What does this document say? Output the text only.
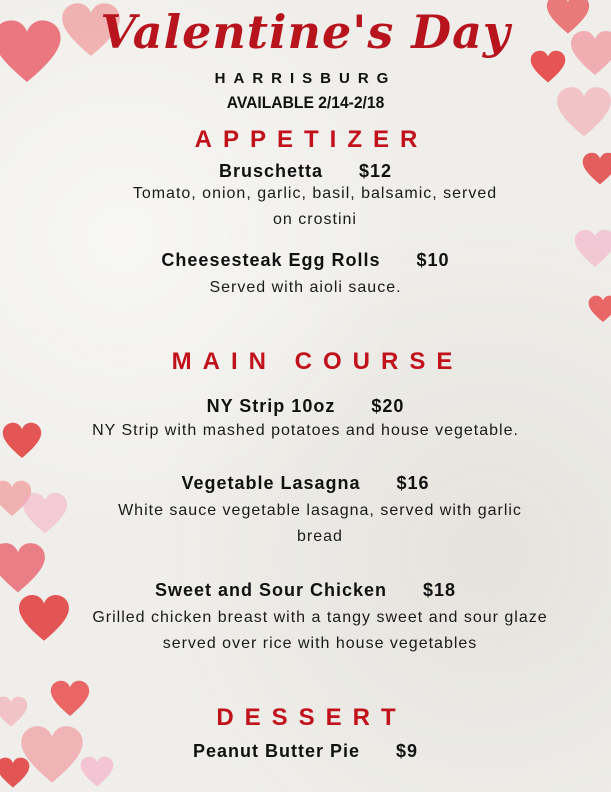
Valentine's Day
HARRISBURG
AVAILABLE 2/14-2/18
APPETIZER
Bruschetta $12
Tomato, onion, garlic, basil, balsamic, served on crostini
Cheesesteak Egg Rolls $10
Served with aioli sauce.
MAIN COURSE
NY Strip 10oz $20
NY Strip with mashed potatoes and house vegetable.
Vegetable Lasagna $16
White sauce vegetable lasagna, served with garlic bread
Sweet and Sour Chicken $18
Grilled chicken breast with a tangy sweet and sour glaze served over rice with house vegetables
DESSERT
Peanut Butter Pie $9
